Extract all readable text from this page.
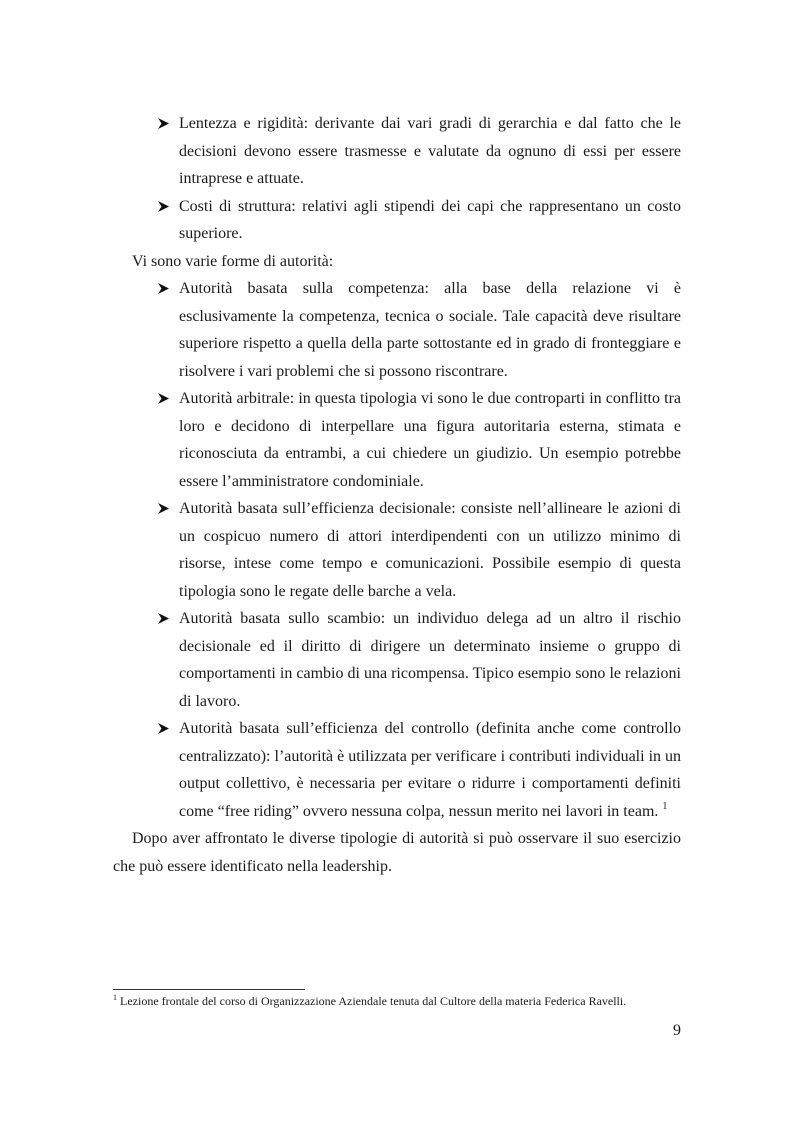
Lentezza e rigidità: derivante dai vari gradi di gerarchia e dal fatto che le decisioni devono essere trasmesse e valutate da ognuno di essi per essere intraprese e attuate.
Costi di struttura: relativi agli stipendi dei capi che rappresentano un costo superiore.

Vi sono varie forme di autorità:

Autorità basata sulla competenza: alla base della relazione vi è esclusivamente la competenza, tecnica o sociale. Tale capacità deve risultare superiore rispetto a quella della parte sottostante ed in grado di fronteggiare e risolvere i vari problemi che si possono riscontrare.
Autorità arbitrale: in questa tipologia vi sono le due controparti in conflitto tra loro e decidono di interpellare una figura autoritaria esterna, stimata e riconosciuta da entrambi, a cui chiedere un giudizio. Un esempio potrebbe essere l’amministratore condominiale.
Autorità basata sull’efficienza decisionale: consiste nell’allineare le azioni di un cospicuo numero di attori interdipendenti con un utilizzo minimo di risorse, intese come tempo e comunicazioni. Possibile esempio di questa tipologia sono le regate delle barche a vela.
Autorità basata sullo scambio: un individuo delega ad un altro il rischio decisionale ed il diritto di dirigere un determinato insieme o gruppo di comportamenti in cambio di una ricompensa. Tipico esempio sono le relazioni di lavoro.
Autorità basata sull’efficienza del controllo (definita anche come controllo centralizzato): l’autorità è utilizzata per verificare i contributi individuali in un output collettivo, è necessaria per evitare o ridurre i comportamenti definiti come “free riding” ovvero nessuna colpa, nessun merito nei lavori in team. $^1$

Dopo aver affrontato le diverse tipologie di autorità si può osservare il suo esercizio che può essere identificato nella leadership.

$^1$ Lezione frontale del corso di Organizzazione Aziendale tenuta dal Cultore della materia Federica Ravelli.
9
